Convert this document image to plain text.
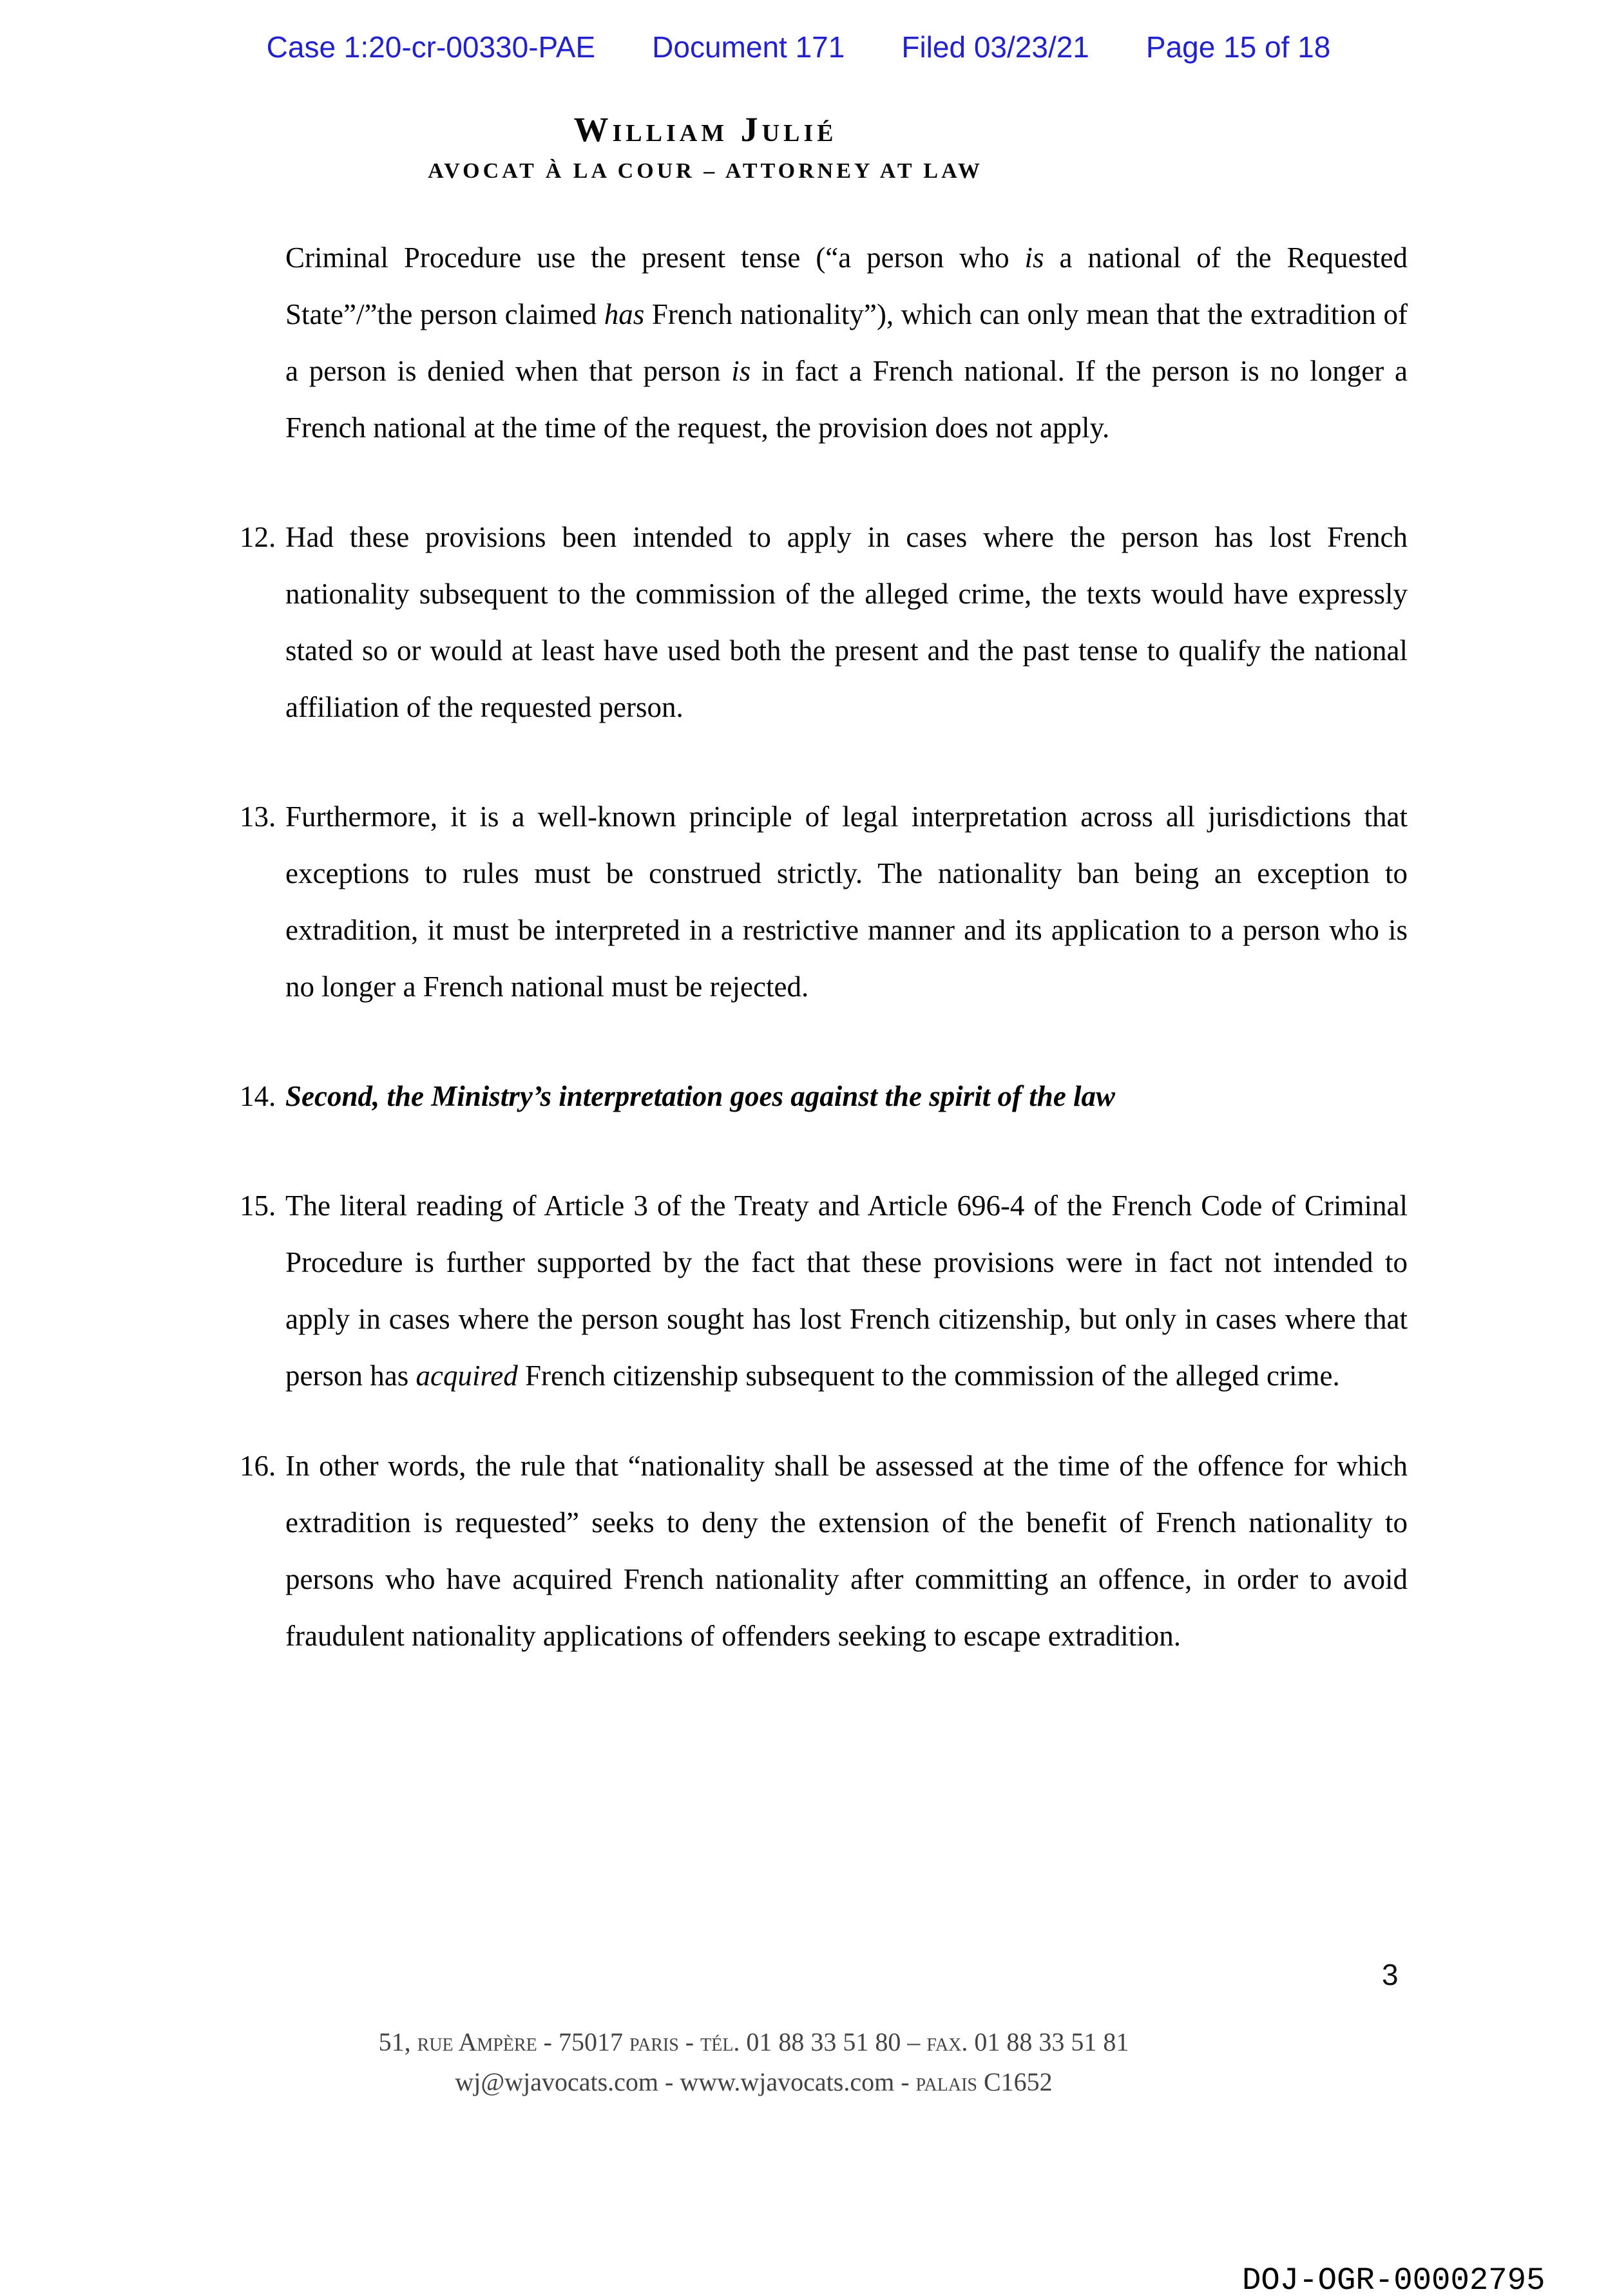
Case 1:20-cr-00330-PAE Document 171 Filed 03/23/21 Page 15 of 18
William Julié
AVOCAT À LA COUR – ATTORNEY AT LAW
Criminal Procedure use the present tense (“a person who is a national of the Requested State”/”the person claimed has French nationality”), which can only mean that the extradition of a person is denied when that person is in fact a French national. If the person is no longer a French national at the time of the request, the provision does not apply.
12. Had these provisions been intended to apply in cases where the person has lost French nationality subsequent to the commission of the alleged crime, the texts would have expressly stated so or would at least have used both the present and the past tense to qualify the national affiliation of the requested person.
13. Furthermore, it is a well-known principle of legal interpretation across all jurisdictions that exceptions to rules must be construed strictly. The nationality ban being an exception to extradition, it must be interpreted in a restrictive manner and its application to a person who is no longer a French national must be rejected.
14. Second, the Ministry’s interpretation goes against the spirit of the law
15. The literal reading of Article 3 of the Treaty and Article 696-4 of the French Code of Criminal Procedure is further supported by the fact that these provisions were in fact not intended to apply in cases where the person sought has lost French citizenship, but only in cases where that person has acquired French citizenship subsequent to the commission of the alleged crime.
16. In other words, the rule that “nationality shall be assessed at the time of the offence for which extradition is requested” seeks to deny the extension of the benefit of French nationality to persons who have acquired French nationality after committing an offence, in order to avoid fraudulent nationality applications of offenders seeking to escape extradition.
3
51, rue Ampère - 75017 paris - tél. 01 88 33 51 80 – fax. 01 88 33 51 81
wj@wjavocats.com - www.wjavocats.com - palais C1652
DOJ-OGR-00002795
